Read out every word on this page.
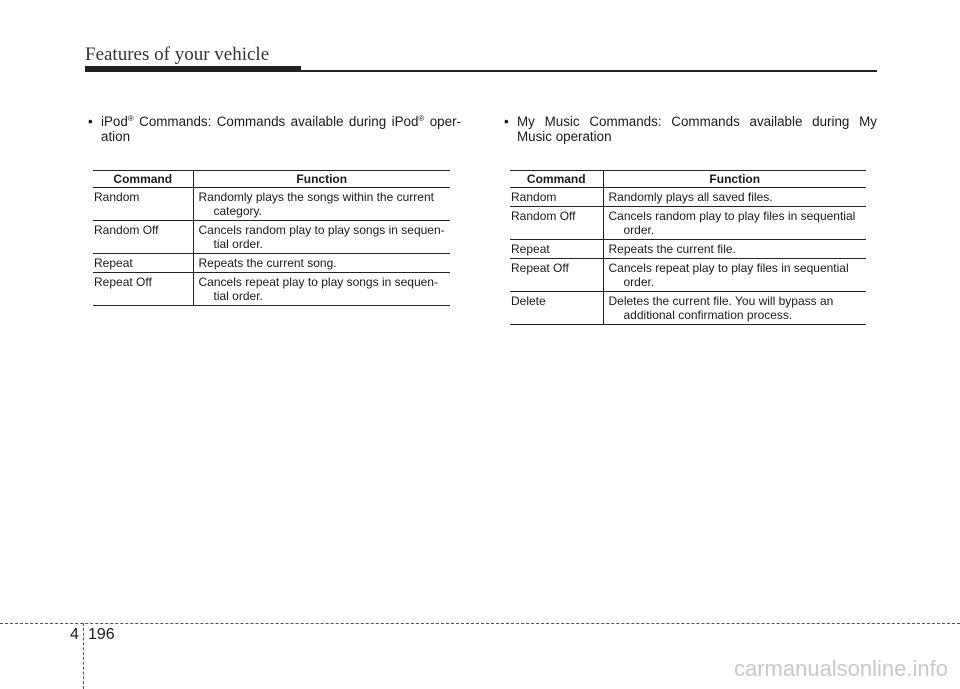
Features of your vehicle
• iPod® Commands: Commands available during iPod® oper-
ation
Command	Function
Random	Randomly plays the songs within the current
category.

Random Off	Cancels random play to play songs in sequen-
tial order.

Repeat	Repeats the current song.
Repeat Off	Cancels repeat play to play songs in sequen-
tial order.
• My Music Commands: Commands available during My
Music operation
Command	Function
Random	Randomly plays all saved files.
Random Off	Cancels random play to play files in sequential
order.

Repeat	Repeats the current file.
Repeat Off	Cancels repeat play to play files in sequential
order.

Delete	Deletes the current file. You will bypass an
additional confirmation process.
4 196
carmanualsonline.info
